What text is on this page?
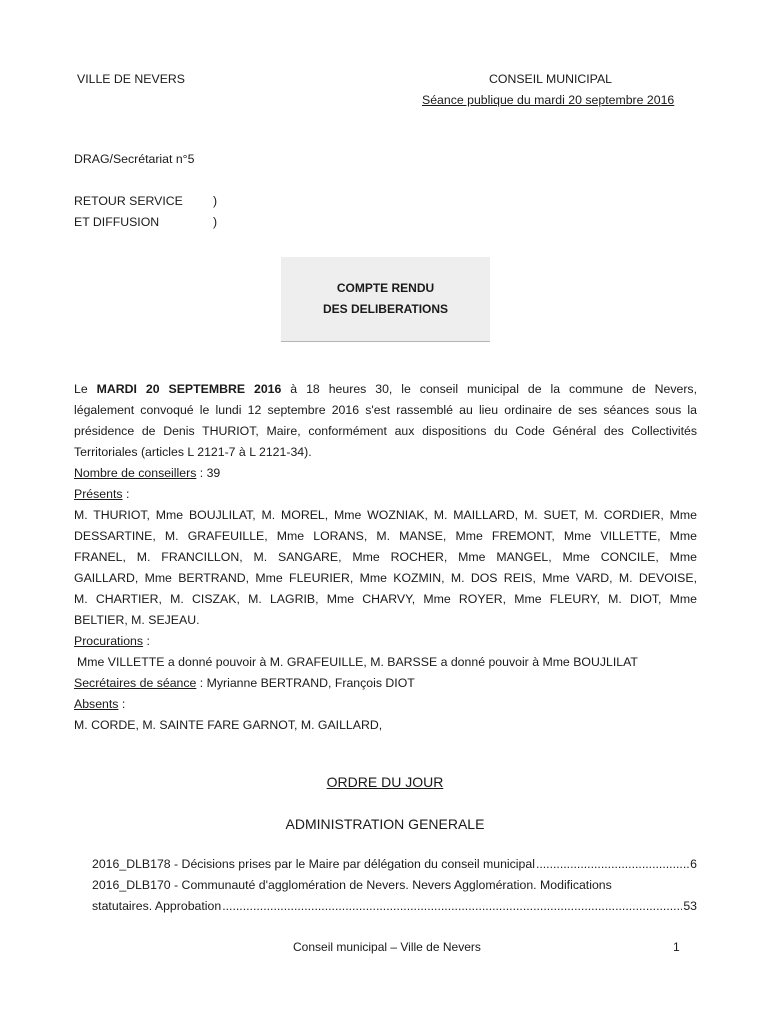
VILLE DE NEVERS	CONSEIL MUNICIPAL
Séance publique du mardi 20 septembre 2016
DRAG/Secrétariat n°5
RETOUR SERVICE )
ET DIFFUSION	)
COMPTE RENDU
DES DELIBERATIONS
Le MARDI 20 SEPTEMBRE 2016 à 18 heures 30, le conseil municipal de la commune de Nevers,
légalement convoqué le lundi 12 septembre 2016 s'est rassemblé au lieu ordinaire de ses séances sous la
présidence de Denis THURIOT, Maire, conformément aux dispositions du Code Général des Collectivités
Territoriales (articles L 2121-7 à L 2121-34).
Nombre de conseillers : 39
Présents :
M. THURIOT, Mme BOUJLILAT, M. MOREL, Mme WOZNIAK, M. MAILLARD, M. SUET, M. CORDIER, Mme
DESSARTINE, M. GRAFEUILLE, Mme LORANS, M. MANSE, Mme FREMONT, Mme VILLETTE, Mme
FRANEL, M. FRANCILLON, M. SANGARE, Mme ROCHER, Mme MANGEL, Mme CONCILE, Mme
GAILLARD, Mme BERTRAND, Mme FLEURIER, Mme KOZMIN, M. DOS REIS, Mme VARD, M. DEVOISE,
M. CHARTIER, M. CISZAK, M. LAGRIB, Mme CHARVY, Mme ROYER, Mme FLEURY, M. DIOT, Mme
BELTIER, M. SEJEAU.
Procurations :
Mme VILLETTE a donné pouvoir à M. GRAFEUILLE, M. BARSSE a donné pouvoir à Mme BOUJLILAT
Secrétaires de séance : Myrianne BERTRAND, François DIOT
Absents :
M. CORDE, M. SAINTE FARE GARNOT, M. GAILLARD,
ORDRE DU JOUR
ADMINISTRATION GENERALE
2016_DLB178 - Décisions prises par le Maire par délégation du conseil municipal .....	6
2016_DLB170 - Communauté d'agglomération de Nevers. Nevers Agglomération. Modifications
statutaires. Approbation .....	53
Conseil municipal – Ville de Nevers	1
